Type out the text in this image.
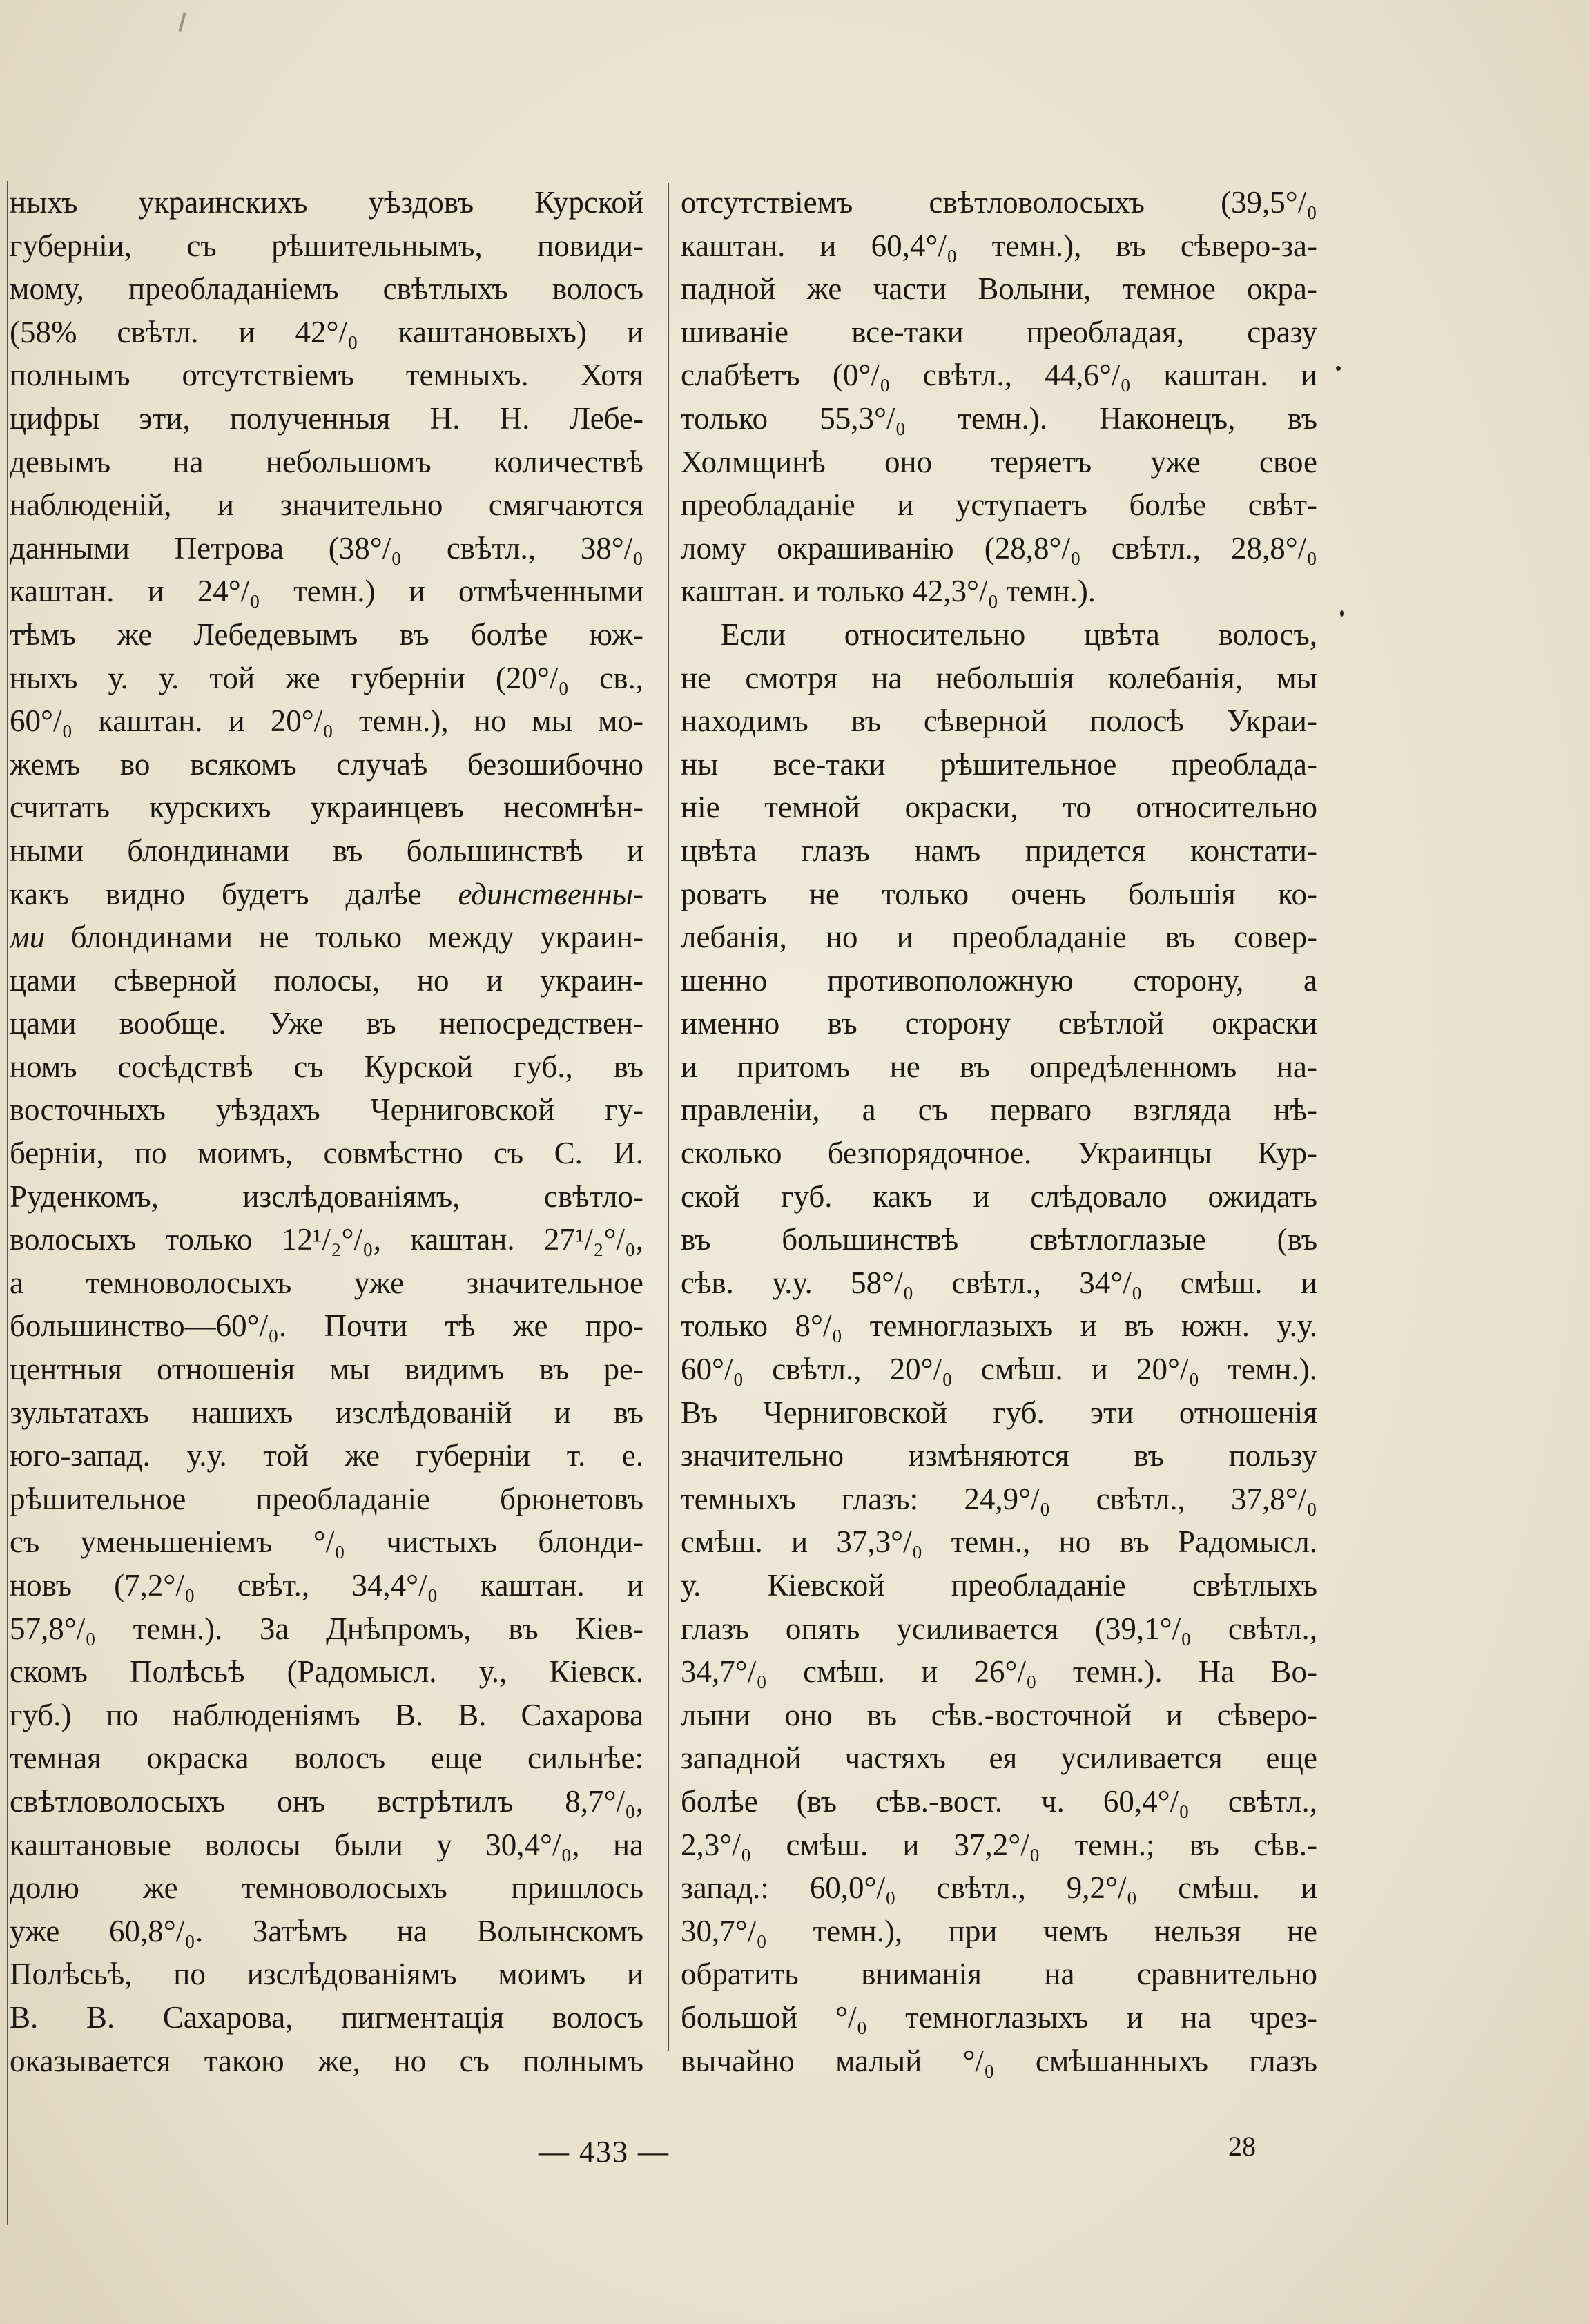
ныхъ украинскихъ уѣздовъ Курской
губерніи, съ рѣшительнымъ, повиди-
мому, преобладаніемъ свѣтлыхъ волосъ
(58% свѣтл. и 42°/₀ каштановыхъ) и
полнымъ отсутствіемъ темныхъ. Хотя
цифры эти, полученныя Н. Н. Лебе-
девымъ на небольшомъ количествѣ
наблюденій, и значительно смягчаются
данными Петрова (38°/₀ свѣтл., 38°/₀
каштан. и 24°/₀ темн.) и отмѣченными
тѣмъ же Лебедевымъ въ болѣе юж-
ныхъ у. у. той же губерніи (20°/₀ св.,
60°/₀ каштан. и 20°/₀ темн.), но мы мо-
жемъ во всякомъ случаѣ безошибочно
считать курскихъ украинцевъ несомнѣн-
ными блондинами въ большинствѣ и
какъ видно будетъ далѣе единственны-
ми блондинами не только между украин-
цами сѣверной полосы, но и украин-
цами вообще. Уже въ непосредствен-
номъ сосѣдствѣ съ Курской губ., въ
восточныхъ уѣздахъ Черниговской гу-
берніи, по моимъ, совмѣстно съ С. И.
Руденкомъ, изслѣдованіямъ, свѣтло-
волосыхъ только 12¹/₂°/₀, каштан. 27¹/₂°/₀,
а темноволосыхъ уже значительное
большинство—60°/₀. Почти тѣ же про-
центныя отношенія мы видимъ въ ре-
зультатахъ нашихъ изслѣдованій и въ
юго-запад. у.у. той же губерніи т. е.
рѣшительное преобладаніе брюнетовъ
съ уменьшеніемъ °/₀ чистыхъ блонди-
новъ (7,2°/₀ свѣт., 34,4°/₀ каштан. и
57,8°/₀ темн.). За Днѣпромъ, въ Кіев-
скомъ Полѣсьѣ (Радомысл. у., Кіевск.
губ.) по наблюденіямъ В. В. Сахарова
темная окраска волосъ еще сильнѣе:
свѣтловолосыхъ онъ встрѣтилъ 8,7°/₀,
каштановые волосы были у 30,4°/₀, на
долю же темноволосыхъ пришлось
уже 60,8°/₀. Затѣмъ на Волынскомъ
Полѣсьѣ, по изслѣдованіямъ моимъ и
В. В. Сахарова, пигментація волосъ
оказывается такою же, но съ полнымъ
отсутствіемъ свѣтловолосыхъ (39,5°/₀
каштан. и 60,4°/₀ темн.), въ сѣверо-за-
падной же части Волыни, темное окра-
шиваніе все-таки преобладая, сразу
слабѣетъ (0°/₀ свѣтл., 44,6°/₀ каштан. и
только 55,3°/₀ темн.). Наконецъ, въ
Холмщинѣ оно теряетъ уже свое
преобладаніе и уступаетъ болѣе свѣт-
лому окрашиванію (28,8°/₀ свѣтл., 28,8°/₀
каштан. и только 42,3°/₀ темн.).
Если относительно цвѣта волосъ,
не смотря на небольшія колебанія, мы
находимъ въ сѣверной полосѣ Украи-
ны все-таки рѣшительное преоблада-
ніе темной окраски, то относительно
цвѣта глазъ намъ придется констати-
ровать не только очень большія ко-
лебанія, но и преобладаніе въ совер-
шенно противоположную сторону, а
именно въ сторону свѣтлой окраски
и притомъ не въ опредѣленномъ на-
правленіи, а съ перваго взгляда нѣ-
сколько безпорядочное. Украинцы Кур-
ской губ. какъ и слѣдовало ожидать
въ большинствѣ свѣтлоглазые (въ
сѣв. у.у. 58°/₀ свѣтл., 34°/₀ смѣш. и
только 8°/₀ темноглазыхъ и въ южн. у.у.
60°/₀ свѣтл., 20°/₀ смѣш. и 20°/₀ темн.).
Въ Черниговской губ. эти отношенія
значительно измѣняются въ пользу
темныхъ глазъ: 24,9°/₀ свѣтл., 37,8°/₀
смѣш. и 37,3°/₀ темн., но въ Радомысл.
у. Кіевской преобладаніе свѣтлыхъ
глазъ опять усиливается (39,1°/₀ свѣтл.,
34,7°/₀ смѣш. и 26°/₀ темн.). На Во-
лыни оно въ сѣв.-восточной и сѣверо-
западной частяхъ ея усиливается еще
болѣе (въ сѣв.-вост. ч. 60,4°/₀ свѣтл.,
2,3°/₀ смѣш. и 37,2°/₀ темн.; въ сѣв.-
запад.: 60,0°/₀ свѣтл., 9,2°/₀ смѣш. и
30,7°/₀ темн.), при чемъ нельзя не
обратить вниманія на сравнительно
большой °/₀ темноглазыхъ и на чрез-
вычайно малый °/₀ смѣшанныхъ глазъ
— 433 —	28
